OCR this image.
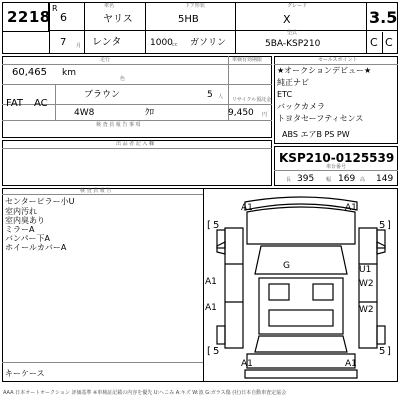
2218 R
6
7 月
車名
ヤリス
ドア形状
5HB
グレード
X	3.5
レンタ	1000 cc ガソリン
型式
5BA-KSP210	C C
走行	車検有効期限
60,465 km
色
ブラウン	5 人
FAT AC
4W8	ｸﾛ
リサイクル預託金
9,450 円
検 査 員 報 告 事 項
セールスポイント
★オークションデビュー★
純正ナビ
ETC
バックカメラ
トヨタセーフティセンス
ABS エアB PS PW
出 品 者 記 入 欄
KSP210-0125539
車台番号
長 395 幅 169 高 149
検 査 員 報 告
センターピラー小U
室内汚れ
室内臭あり
ミラーA
バンパー下A
ホイールカバーA
キーケース
A1	A1
G
A1
A1
U1
W2
W2
A1	A1
[ 5	5 ]
[ 5	5 ]
AAA 日本オートオークション 評価基準 ※車検証記載の内容を優先 U:へこみ A:キズ W:波 G:ガラス傷 (社)日本自動車査定協会
